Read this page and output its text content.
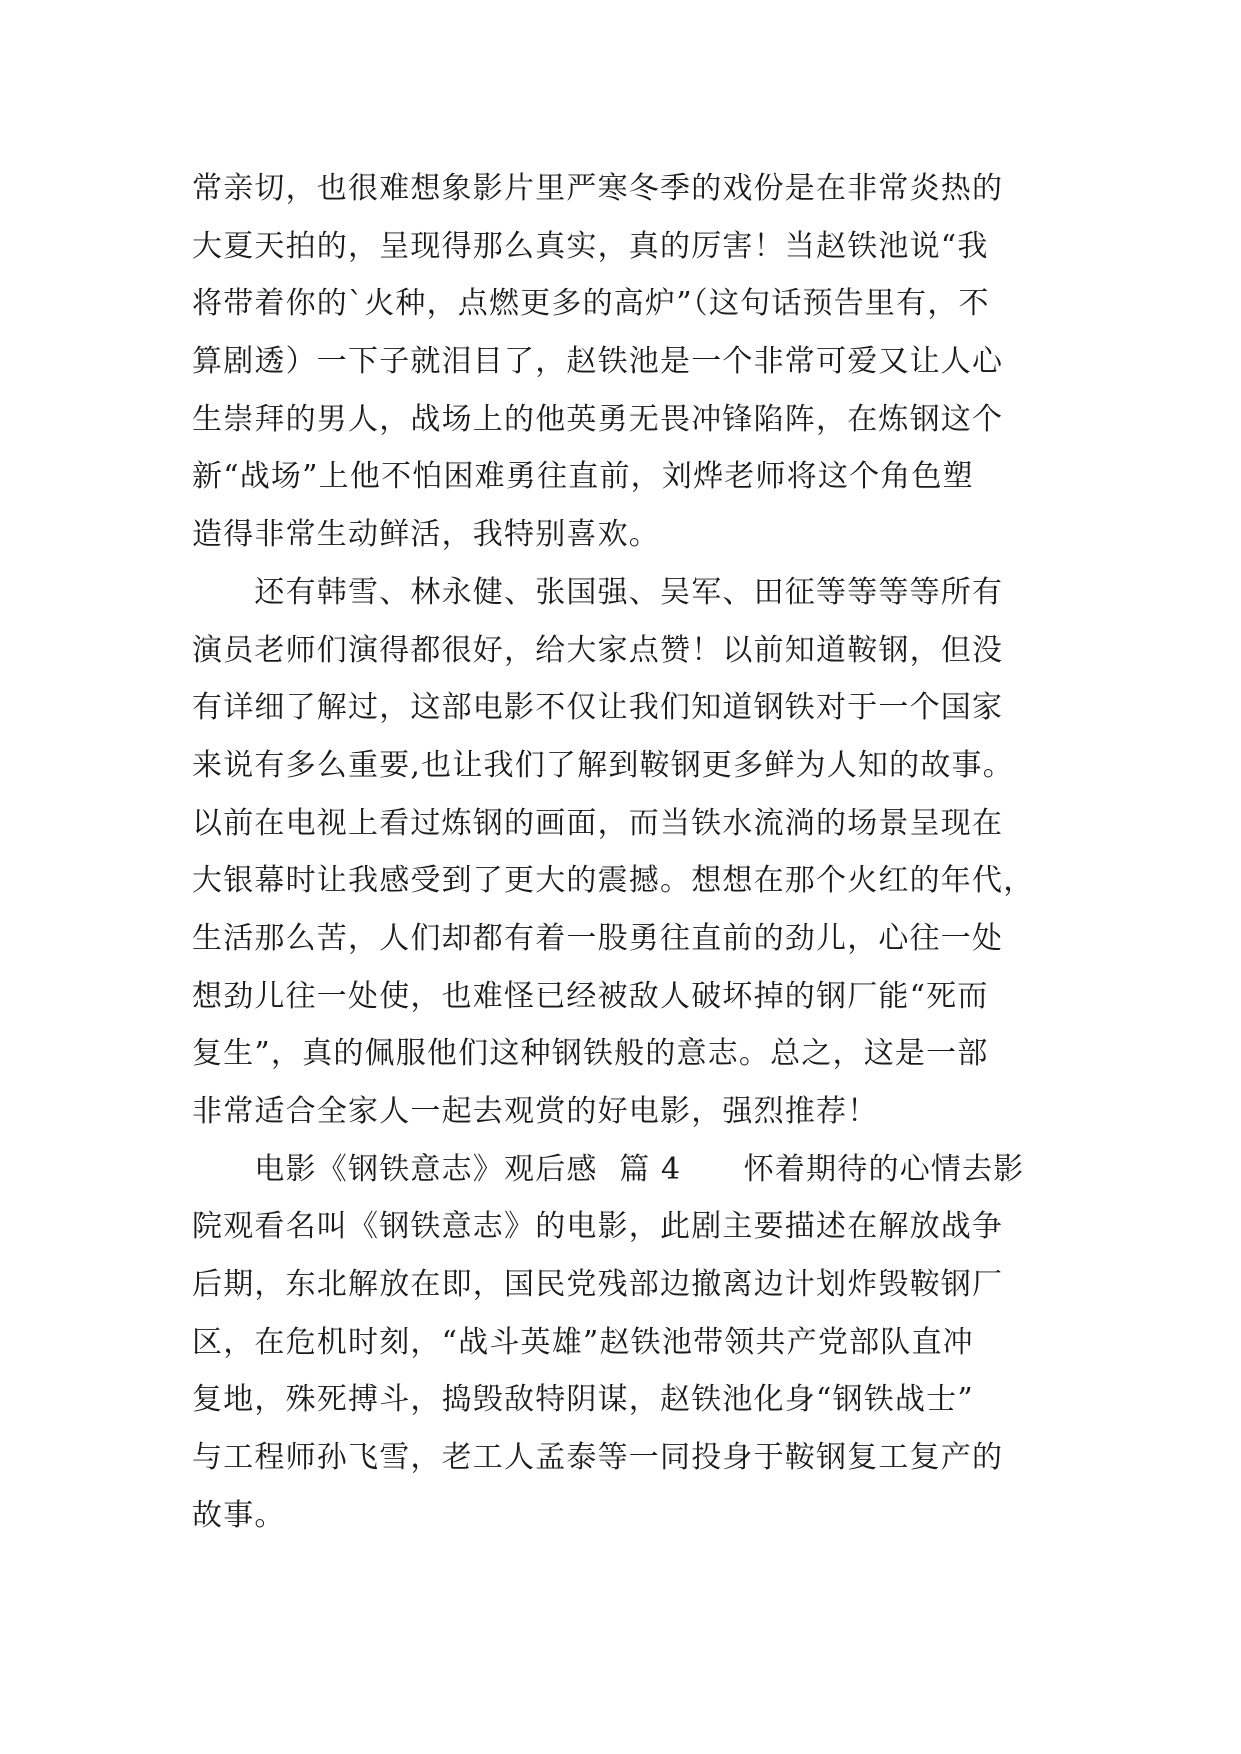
常亲切，也很难想象影片里严寒冬季的戏份是在非常炎热的
大夏天拍的，呈现得那么真实，真的厉害！当赵铁池说“我
将带着你的`火种，点燃更多的高炉”（这句话预告里有，不
算剧透）一下子就泪目了，赵铁池是一个非常可爱又让人心
生崇拜的男人，战场上的他英勇无畏冲锋陷阵，在炼钢这个
新“战场”上他不怕困难勇往直前，刘烨老师将这个角色塑
造得非常生动鲜活，我特别喜欢。
　　还有韩雪、林永健、张国强、吴军、田征等等等等所有
演员老师们演得都很好，给大家点赞！以前知道鞍钢，但没
有详细了解过，这部电影不仅让我们知道钢铁对于一个国家
来说有多么重要,也让我们了解到鞍钢更多鲜为人知的故事。
以前在电视上看过炼钢的画面，而当铁水流淌的场景呈现在
大银幕时让我感受到了更大的震撼。想想在那个火红的年代，
生活那么苦，人们却都有着一股勇往直前的劲儿，心往一处
想劲儿往一处使，也难怪已经被敌人破坏掉的钢厂能“死而
复生”，真的佩服他们这种钢铁般的意志。总之，这是一部
非常适合全家人一起去观赏的好电影，强烈推荐！
　　电影《钢铁意志》观后感  篇 4　　怀着期待的心情去影
院观看名叫《钢铁意志》的电影，此剧主要描述在解放战争
后期，东北解放在即，国民党残部边撤离边计划炸毁鞍钢厂
区，在危机时刻，“战斗英雄”赵铁池带领共产党部队直冲
复地，殊死搏斗，捣毁敌特阴谋，赵铁池化身“钢铁战士”
与工程师孙飞雪，老工人孟泰等一同投身于鞍钢复工复产的
故事。
